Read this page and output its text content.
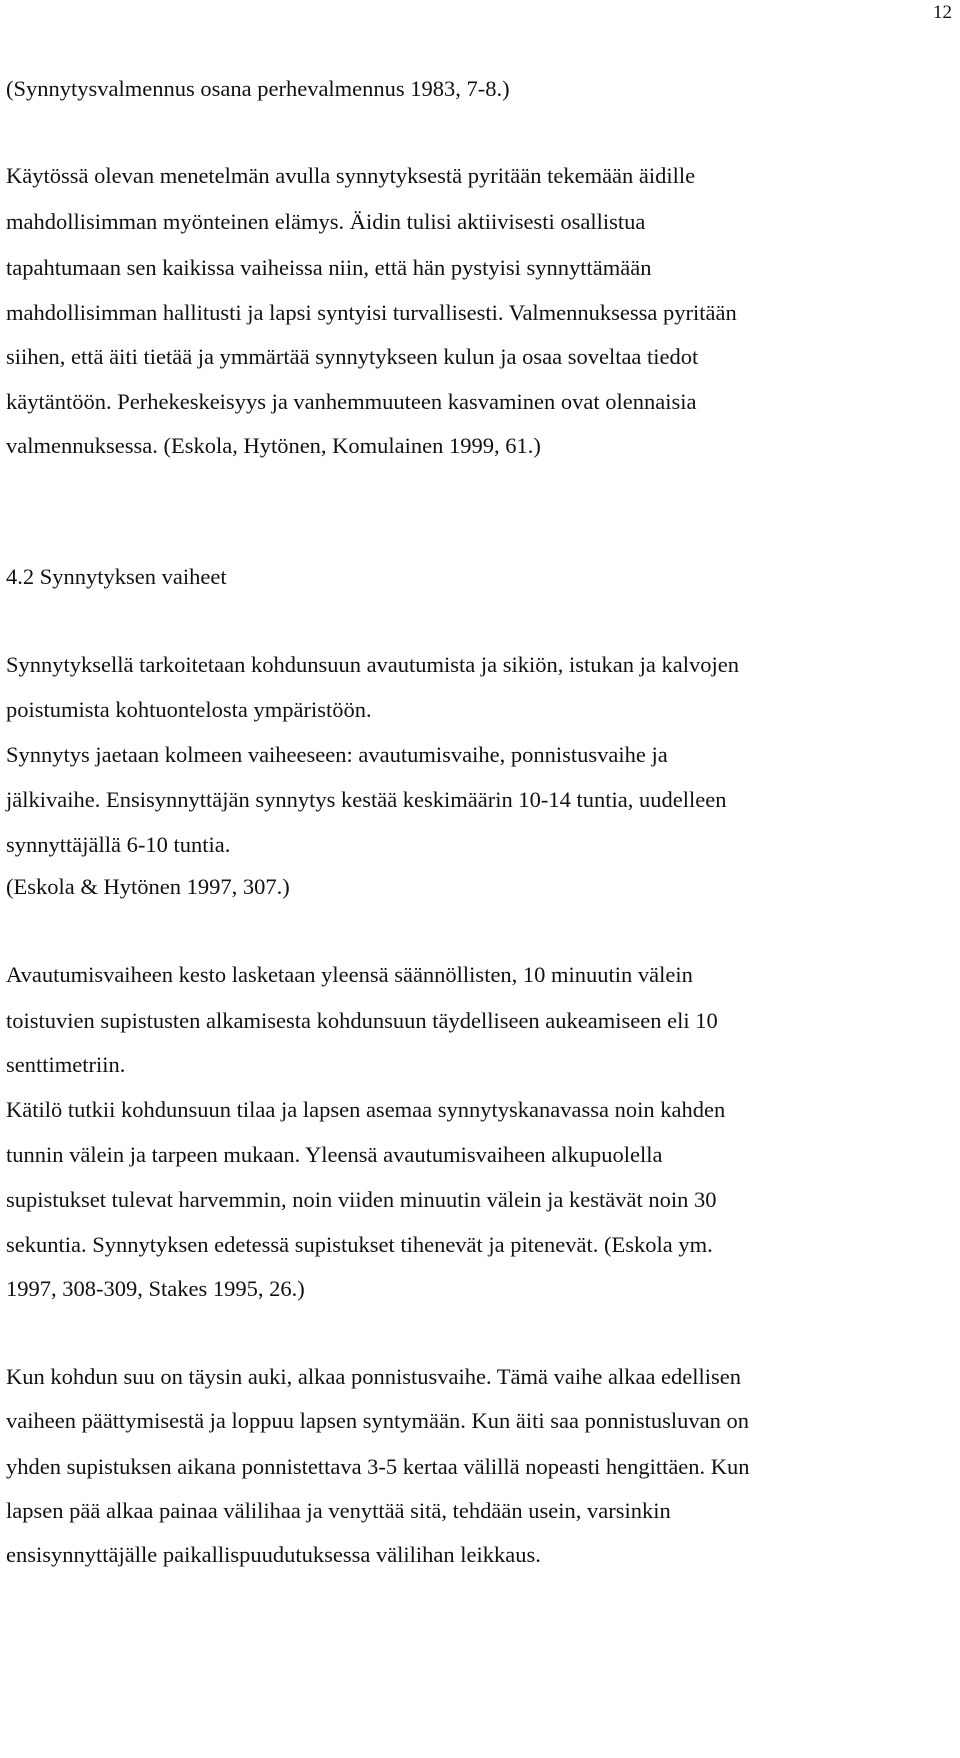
12

(Synnytysvalmennus osana perhevalmennus 1983, 7-8.)

Käytössä olevan menetelmän avulla synnytyksestä pyritään tekemään äidille

mahdollisimman myönteinen elämys. Äidin tulisi aktiivisesti osallistua

tapahtumaan sen kaikissa vaiheissa niin, että hän pystyisi synnyttämään

mahdollisimman hallitusti ja lapsi syntyisi turvallisesti. Valmennuksessa pyritään

siihen, että äiti tietää ja ymmärtää synnytykseen kulun ja osaa soveltaa tiedot

käytäntöön. Perhekeskeisyys ja vanhemmuuteen kasvaminen ovat olennaisia

valmennuksessa. (Eskola, Hytönen, Komulainen 1999, 61.)

4.2 Synnytyksen vaiheet

Synnytyksellä tarkoitetaan kohdunsuun avautumista ja sikiön, istukan ja kalvojen

poistumista kohtuontelosta ympäristöön.

Synnytys jaetaan kolmeen vaiheeseen: avautumisvaihe, ponnistusvaihe ja

jälkivaihe. Ensisynnyttäjän synnytys kestää keskimäärin 10-14 tuntia, uudelleen

synnyttäjällä 6-10 tuntia.

(Eskola & Hytönen 1997, 307.)

Avautumisvaiheen kesto lasketaan yleensä säännöllisten, 10 minuutin välein

toistuvien supistusten alkamisesta kohdunsuun täydelliseen aukeamiseen eli 10

senttimetriin.

Kätilö tutkii kohdunsuun tilaa ja lapsen asemaa synnytyskanavassa noin kahden

tunnin välein ja tarpeen mukaan. Yleensä avautumisvaiheen alkupuolella

supistukset tulevat harvemmin, noin viiden minuutin välein ja kestävät noin 30

sekuntia. Synnytyksen edetessä supistukset tihenevät ja pitenevät. (Eskola ym.

1997, 308-309, Stakes 1995, 26.)

Kun kohdun suu on täysin auki, alkaa ponnistusvaihe. Tämä vaihe alkaa edellisen

vaiheen päättymisestä ja loppuu lapsen syntymään. Kun äiti saa ponnistusluvan on

yhden supistuksen aikana ponnistettava 3-5 kertaa välillä nopeasti hengittäen. Kun

lapsen pää alkaa painaa välilihaa ja venyttää sitä, tehdään usein, varsinkin

ensisynnyttäjälle paikallispuudutuksessa välilihan leikkaus.
